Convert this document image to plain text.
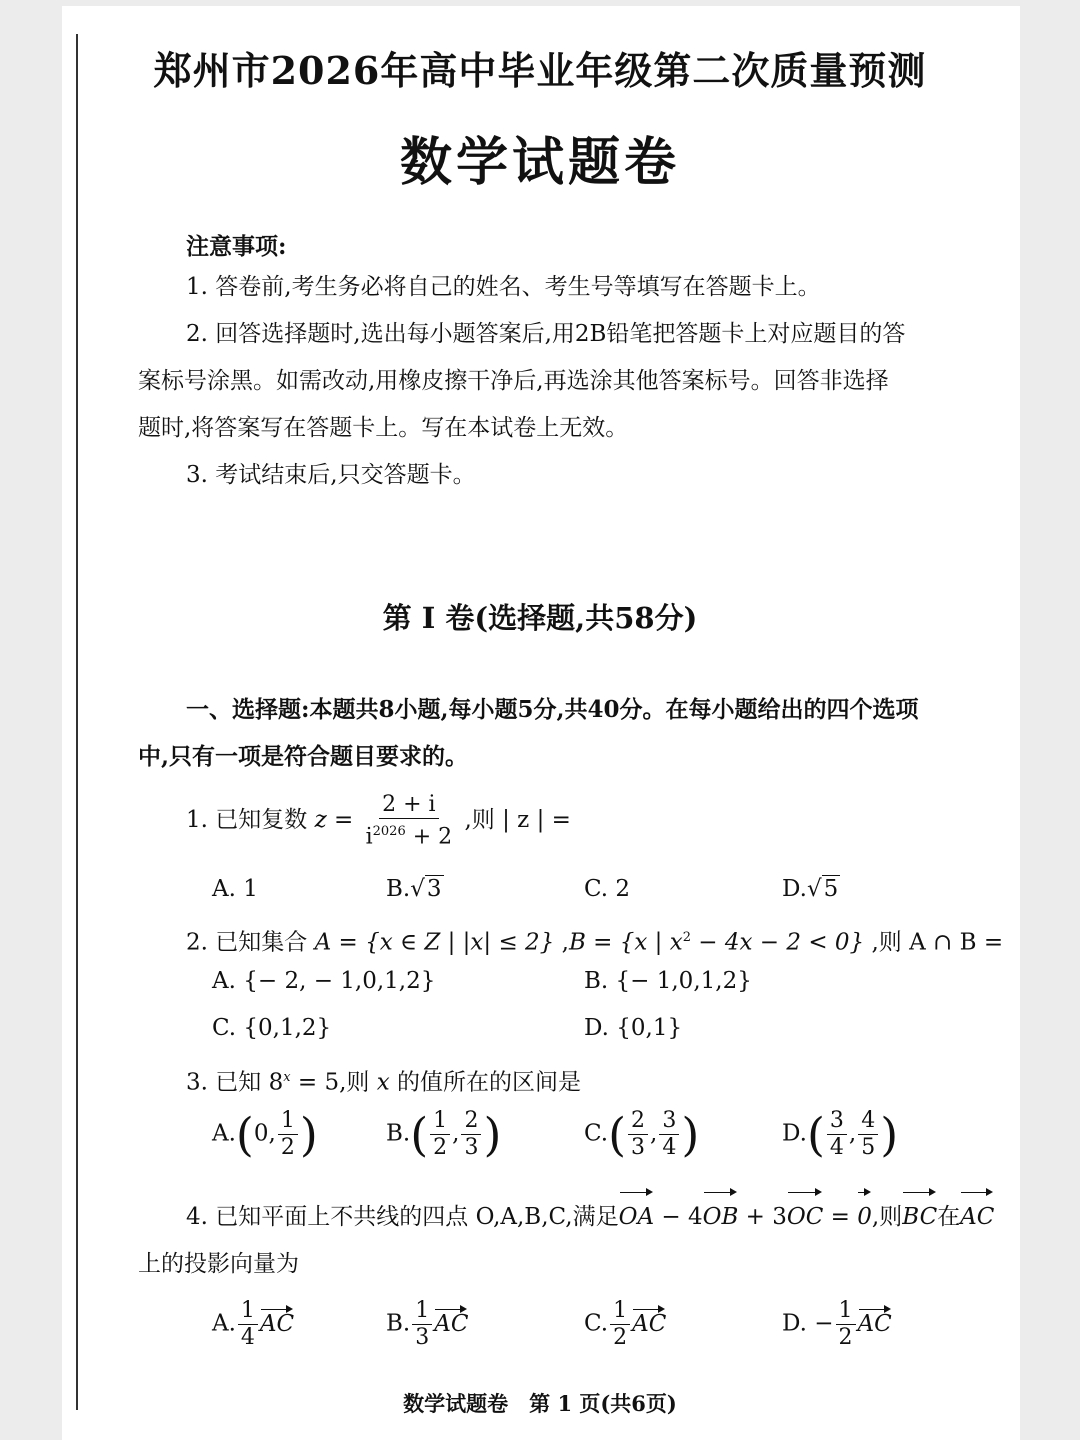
郑州市2026年高中毕业年级第二次质量预测
数学试题卷
注意事项:
1. 答卷前,考生务必将自己的姓名、考生号等填写在答题卡上。
2. 回答选择题时,选出每小题答案后,用2B铅笔把答题卡上对应题目的答
案标号涂黑。如需改动,用橡皮擦干净后,再选涂其他答案标号。回答非选择
题时,将答案写在答题卡上。写在本试卷上无效。
3. 考试结束后,只交答题卡。
第 Ⅰ 卷(选择题,共58分)
一、选择题:本题共8小题,每小题5分,共40分。在每小题给出的四个选项
中,只有一项是符合题目要求的。
1. 已知复数 $z = \frac{2 + i}{i^{2026} + 2}$ ,则 | z | =
A. 1	B.√3	C. 2	D.√5
2. 已知集合 A = {x ∈ Z | |x| ≤ 2} ,B = {x | $x^2 - 4x - 2 < 0$} ,则 A ∩ B =
A. {− 2, − 1,0,1,2}	B. {− 1,0,1,2}
C. {0,1,2}	D. {0,1}
3. 已知 $8^x = 5$,则 x 的值所在的区间是
A.(0, $\frac{1}{2}$ )	$B.( \frac{1}{2}$ , $\frac{2}{3}$ )	$C.( \frac{2}{3}$ , $\frac{3}{4}$ )	$D.( \frac{3}{4}$ , $\frac{4}{5}$ )
4. 已知平面上不共线的四点 O,A,B,C,满足OA − 4OB + 3OC = 0,则BC在AC
上的投影向量为
A. $\frac{1}{4}$ AC	B. $\frac{1}{3}$ AC	C. $\frac{1}{2}$ AC	D. − $\frac{1}{2}$ AC
数学试题卷　第 1 页(共6页)
